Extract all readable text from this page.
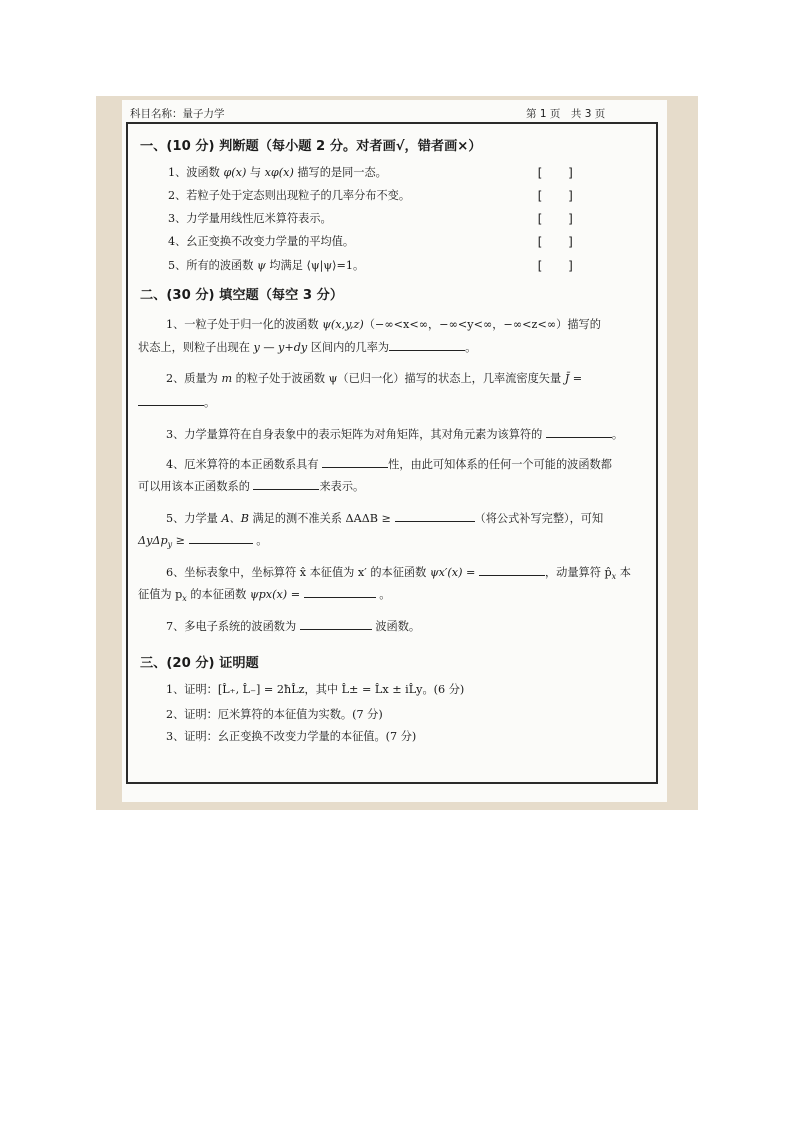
科目名称：量子力学	第 1 页　共 3 页
一、(10 分) 判断题（每小题 2 分。对者画√，错者画×）
1、波函数 φ(x) 与 xφ(x) 描写的是同一态。	[　　]
2、若粒子处于定态则出现粒子的几率分布不变。	[　　]
3、力学量用线性厄米算符表示。	[　　]
4、幺正变换不改变力学量的平均值。	[　　]
5、所有的波函数 ψ 均满足 ⟨ψ|ψ⟩=1。	[　　]
二、(30 分) 填空题（每空 3 分）
1、一粒子处于归一化的波函数 ψ(x,y,z)（−∞<x<∞，−∞<y<∞，−∞<z<∞）描写的
状态上，则粒子出现在 y — y+dy 区间内的几率为	。
2、质量为 m 的粒子处于波函数 ψ（已归一化）描写的状态上，几率流密度矢量 J̄ =
。
3、力学量算符在自身表象中的表示矩阵为对角矩阵，其对角元素为该算符的	。
4、厄米算符的本正函数系具有	性，由此可知体系的任何一个可能的波函数都
可以用该本正函数系的	来表示。
5、力学量 A、B 满足的测不准关系 ΔAΔB ≥	（将公式补写完整），可知
ΔyΔp$_y$ ≥	。
6、坐标表象中，坐标算符 x̂ 本征值为 x′ 的本征函数 ψx′(x) =	，动量算符 $p̂_x$ 本
征值为 $p_x$ 的本征函数 ψpx(x) =	。
7、多电子系统的波函数为	波函数。
三、(20 分) 证明题
1、证明：[L̂₊, L̂₋] = 2ħL̂z，其中 L̂± = L̂x ± iL̂y。(6 分)
2、证明：厄米算符的本征值为实数。(7 分)
3、证明：幺正变换不改变力学量的本征值。(7 分)
